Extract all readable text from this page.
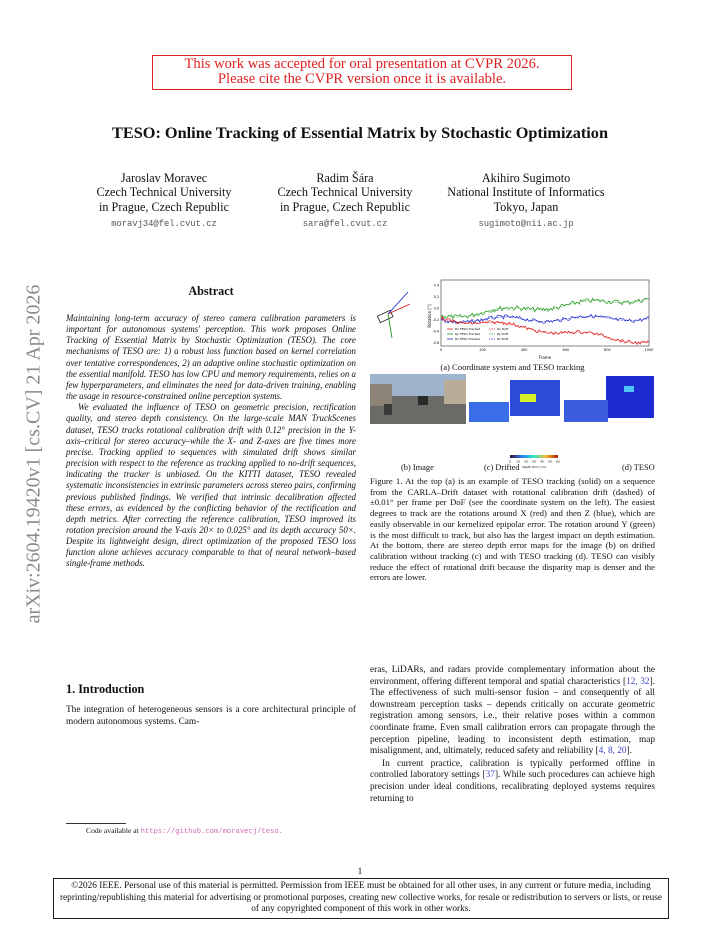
This work was accepted for oral presentation at CVPR 2026.
Please cite the CVPR version once it is available.
TESO: Online Tracking of Essential Matrix by Stochastic Optimization
Jaroslav Moravec
Czech Technical University
in Prague, Czech Republic
moravj34@fel.cvut.cz
Radim Šára
Czech Technical University
in Prague, Czech Republic
sara@fel.cvut.cz
Akihiro Sugimoto
National Institute of Informatics
Tokyo, Japan
sugimoto@nii.ac.jp
arXiv:2604.19420v1 [cs.CV] 21 Apr 2026	Abstract

Maintaining long-term accuracy of stereo camera calibration parameters is important for autonomous systems' perception. This work proposes Online Tracking of Essential Matrix by Stochastic Optimization (TESO). The core mechanisms of TESO are: 1) a robust loss function based on kernel correlation over tentative correspondences, 2) an adaptive online stochastic optimization on the essential manifold. TESO has low CPU and memory requirements, relies on a few hyperparameters, and eliminates the need for data-driven training, enabling the usage in resource-constrained online perception systems.

We evaluated the influence of TESO on geometric precision, rectification quality, and stereo depth consistency. On the large-scale MAN TruckScenes dataset, TESO tracks rotational calibration drift with 0.12° precision in the Y-axis–critical for stereo accuracy–while the X- and Z-axes are five times more precise. Tracking applied to sequences with simulated drift shows similar precision with respect to the reference as tracking applied to no-drift sequences, indicating the tracker is unbiased. On the KITTI dataset, TESO revealed systematic inconsistencies in extrinsic parameters across stereo pairs, confirming previous published findings. We verified that intrinsic decalibration affected these errors, as evidenced by the conflicting behavior of the rectification and depth metrics. After correcting the reference calibration, TESO improved its rotation precision around the Y-axis 20× to 0.025° and its depth accuracy 50×. Despite its lightweight design, direct optimization of the proposed TESO loss function alone achieves accuracy comparable to that of neural network–based single-frame methods.

1. Introduction
The integration of heterogeneous sensors is a core architectural principle of modern autonomous systems. Cam-
Code available at https://github.com/moravecj/teso.
0.4
0.2
0.0
-0.2
-0.4
-0.6
0	200	400	600	800	1000
Rotation [°]
Frame
Rx TESO Tracked
Ry TESO Tracked
Rz TESO Tracked
Rx Drift
Ry Drift
Rz Drift
(a) Coordinate system and TESO tracking
0 10 20 30 40 50 60
Depth Error [m]
(b) Image	(c) Drifted	(d) TESO
Figure 1. At the top (a) is an example of TESO tracking (solid) on a sequence from the CARLA–Drift dataset with rotational calibration drift (dashed) of ±0.01° per frame per DoF (see the coordinate system on the left). The easiest degrees to track are the rotations around X (red) and then Z (blue), which are easily observable in our kernelized epipolar error. The rotation around Y (green) is the most difficult to track, but also has the largest impact on depth estimation. At the bottom, there are stereo depth error maps for the image (b) on drifted calibration without tracking (c) and with TESO tracking (d). TESO can visibly reduce the effect of rotational drift because the disparity map is denser and the errors are lower.

eras, LiDARs, and radars provide complementary information about the environment, offering different temporal and spatial characteristics [12, 32]. The effectiveness of such multi-sensor fusion – and consequently of all downstream perception tasks – depends critically on accurate geometric registration among sensors, i.e., their relative poses within a common coordinate frame. Even small calibration errors can propagate through the perception pipeline, leading to inconsistent depth estimation, map misalignment, and, ultimately, reduced safety and reliability [4, 8, 20].

In current practice, calibration is typically performed offline in controlled laboratory settings [37]. While such procedures can achieve high precision under ideal conditions, recalibrating deployed systems requires returning to

1
©2026 IEEE. Personal use of this material is permitted. Permission from IEEE must be obtained for all other uses, in any current or future media, including reprinting/republishing this material for advertising or promotional purposes, creating new collective works, for resale or redistribution to servers or lists, or reuse of any copyrighted component of this work in other works.
